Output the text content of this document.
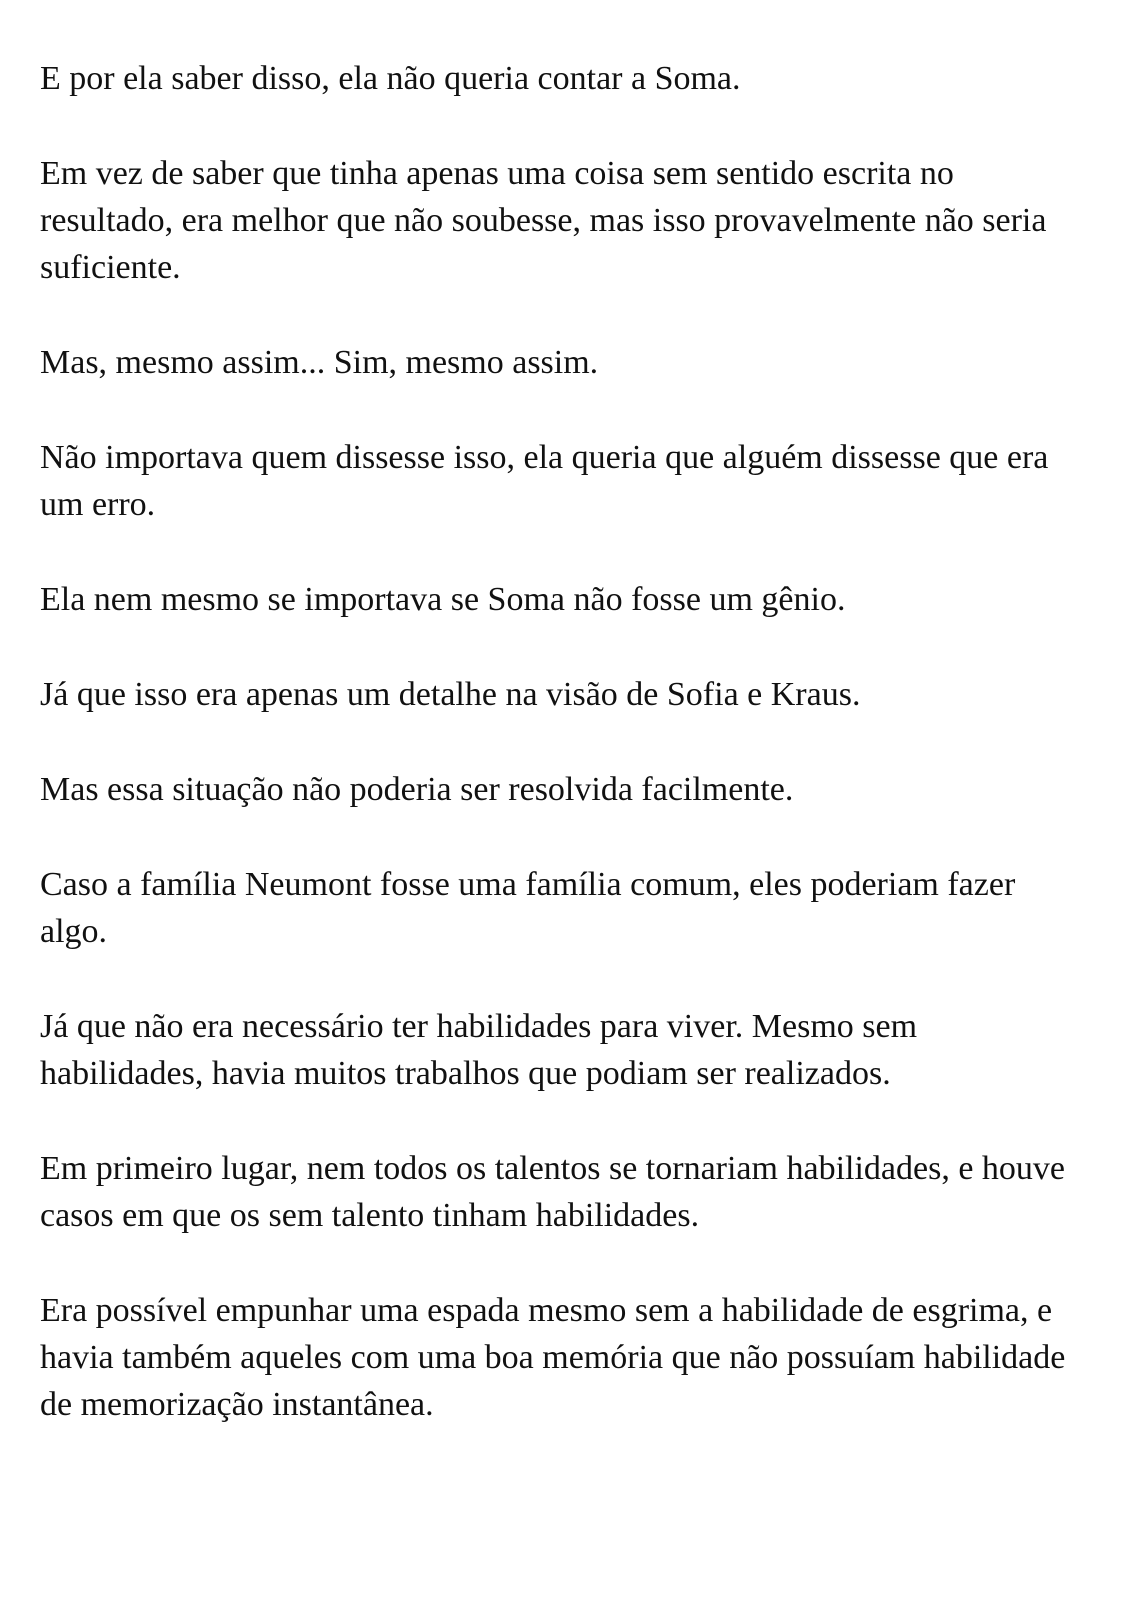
E por ela saber disso, ela não queria contar a Soma.

Em vez de saber que tinha apenas uma coisa sem sentido escrita no resultado, era melhor que não soubesse, mas isso provavelmente não seria suficiente.

Mas, mesmo assim... Sim, mesmo assim.

Não importava quem dissesse isso, ela queria que alguém dissesse que era um erro.

Ela nem mesmo se importava se Soma não fosse um gênio.

Já que isso era apenas um detalhe na visão de Sofia e Kraus.

Mas essa situação não poderia ser resolvida facilmente.

Caso a família Neumont fosse uma família comum, eles poderiam fazer algo.

Já que não era necessário ter habilidades para viver. Mesmo sem habilidades, havia muitos trabalhos que podiam ser realizados.

Em primeiro lugar, nem todos os talentos se tornariam habilidades, e houve casos em que os sem talento tinham habilidades.

Era possível empunhar uma espada mesmo sem a habilidade de esgrima, e havia também aqueles com uma boa memória que não possuíam habilidade de memorização instantânea.
